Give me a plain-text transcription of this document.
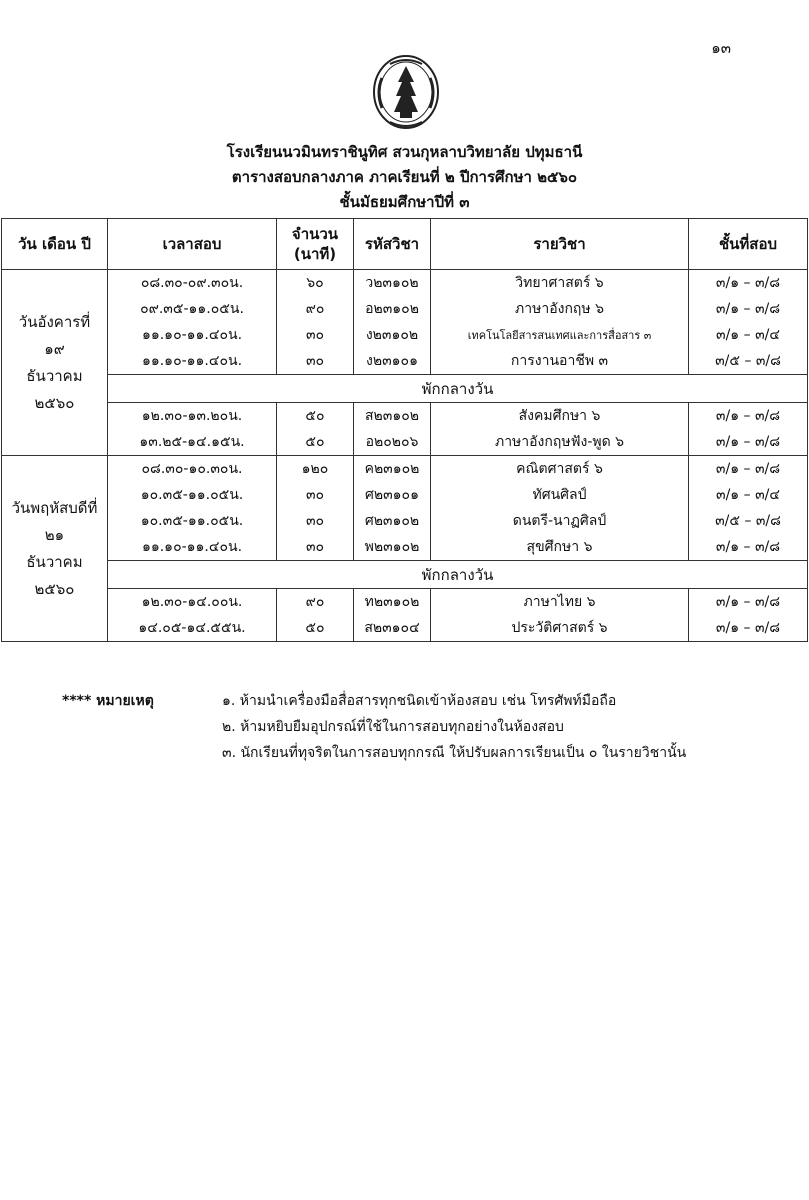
๑๓

โรงเรียนนวมินทราชินูทิศ สวนกุหลาบวิทยาลัย ปทุมธานี

ตารางสอบกลางภาค ภาคเรียนที่ ๒ ปีการศึกษา ๒๕๖๐

ชั้นมัธยมศึกษาปีที่ ๓

วัน เดือน ปี	เวลาสอบ	จำนวน (นาที)	รหัสวิชา	รายวิชา	ชั้นที่สอบ

วันอังคารที่
๑๙
ธันวาคม
๒๕๖๐	๐๘.๓๐-๐๙.๓๐น.	๖๐	ว๒๓๑๐๒	วิทยาศาสตร์ ๖	๓/๑ – ๓/๘
	๐๙.๓๕-๑๑.๐๕น.	๙๐	อ๒๓๑๐๒	ภาษาอังกฤษ ๖	๓/๑ – ๓/๘
	๑๑.๑๐-๑๑.๔๐น.	๓๐	ง๒๓๑๐๒	เทคโนโลยีสารสนเทศและการสื่อสาร ๓	๓/๑ – ๓/๔
	๑๑.๑๐-๑๑.๔๐น.	๓๐	ง๒๓๑๐๑	การงานอาชีพ ๓	๓/๕ – ๓/๘
	พักกลางวัน				
	๑๒.๓๐-๑๓.๒๐น.	๕๐	ส๒๓๑๐๒	สังคมศึกษา ๖	๓/๑ – ๓/๘
	๑๓.๒๕-๑๔.๑๕น.	๕๐	อ๒๐๒๐๖	ภาษาอังกฤษฟัง-พูด ๖	๓/๑ – ๓/๘

วันพฤหัสบดีที่
๒๑
ธันวาคม
๒๕๖๐	๐๘.๓๐-๑๐.๓๐น.	๑๒๐	ค๒๓๑๐๒	คณิตศาสตร์ ๖	๓/๑ – ๓/๘
	๑๐.๓๕-๑๑.๐๕น.	๓๐	ศ๒๓๑๐๑	ทัศนศิลป์	๓/๑ – ๓/๔
	๑๐.๓๕-๑๑.๐๕น.	๓๐	ศ๒๓๑๐๒	ดนตรี-นาฏศิลป์	๓/๕ – ๓/๘
	๑๑.๑๐-๑๑.๔๐น.	๓๐	พ๒๓๑๐๒	สุขศึกษา ๖	๓/๑ – ๓/๘
	พักกลางวัน				
	๑๒.๓๐-๑๔.๐๐น.	๙๐	ท๒๓๑๐๒	ภาษาไทย ๖	๓/๑ – ๓/๘
	๑๔.๐๕-๑๔.๕๕น.	๕๐	ส๒๓๑๐๔	ประวัติศาสตร์ ๖	๓/๑ – ๓/๘
**** หมายเหตุ	๑. ห้ามนำเครื่องมือสื่อสารทุกชนิดเข้าห้องสอบ เช่น โทรศัพท์มือถือ
๒. ห้ามหยิบยืมอุปกรณ์ที่ใช้ในการสอบทุกอย่างในห้องสอบ
๓. นักเรียนที่ทุจริตในการสอบทุกกรณี ให้ปรับผลการเรียนเป็น ๐ ในรายวิชานั้น
